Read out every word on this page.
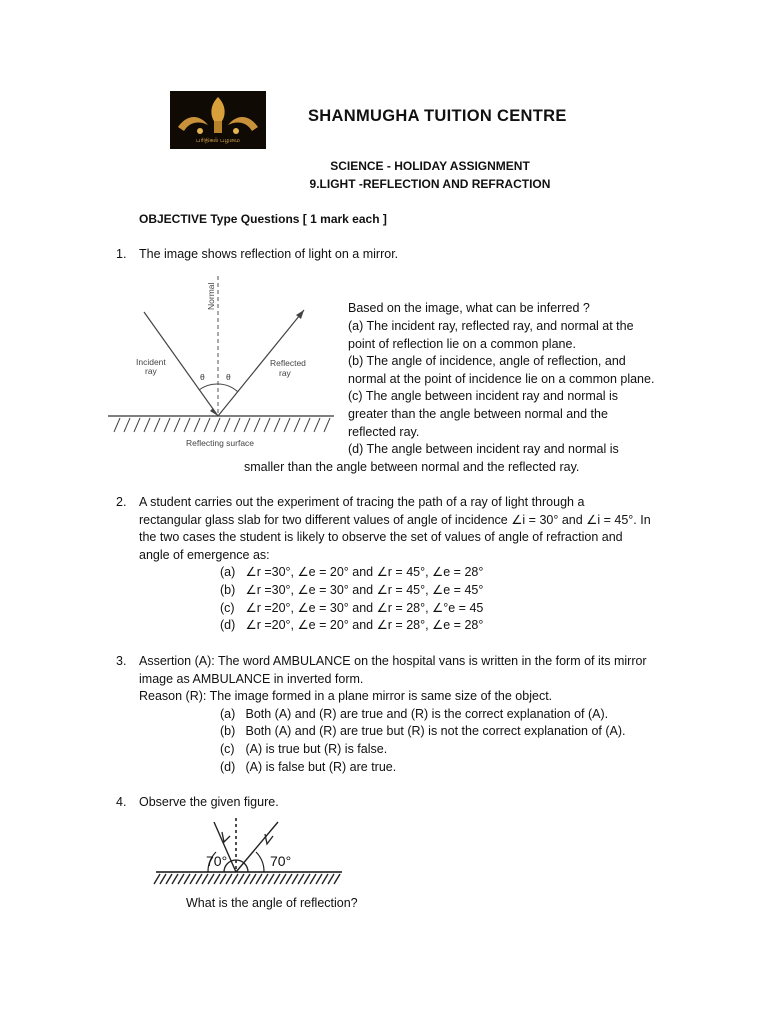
பரிதிகல் பழமை
SHANMUGHA TUITION CENTRE
SCIENCE - HOLIDAY ASSIGNMENT
9.LIGHT -REFLECTION AND REFRACTION
OBJECTIVE Type Questions [ 1 mark each ]
1.	The image shows reflection of light on a mirror.
Normal
θ	θ
Incident
ray
Reflected
ray
Reflecting surface
Based on the image, what can be inferred ?
(a) The incident ray, reflected ray, and normal at the
point of reflection lie on a common plane.
(b) The angle of incidence, angle of reflection, and
normal at the point of incidence lie on a common plane.
(c) The angle between incident ray and normal is
greater than the angle between normal and the
reflected ray.
(d) The angle between incident ray and normal is
smaller than the angle between normal and the reflected ray.
2.	A student carries out the experiment of tracing the path of a ray of light through a
rectangular glass slab for two different values of angle of incidence ∠i = 30° and ∠i = 45°. In
the two cases the student is likely to observe the set of values of angle of refraction and
angle of emergence as:
(a) ∠r =30°, ∠e = 20° and ∠r = 45°, ∠e = 28°
(b) ∠r =30°, ∠e = 30° and ∠r = 45°, ∠e = 45°
(c) ∠r =20°, ∠e = 30° and ∠r = 28°, ∠°e = 45
(d) ∠r =20°, ∠e = 20° and ∠r = 28°, ∠e = 28°
3.	Assertion (A): The word AMBULANCE on the hospital vans is written in the form of its mirror
image as AMBULANCE in inverted form.
Reason (R): The image formed in a plane mirror is same size of the object.
(a) Both (A) and (R) are true and (R) is the correct explanation of (A).
(b) Both (A) and (R) are true but (R) is not the correct explanation of (A).
(c) (A) is true but (R) is false.
(d) (A) is false but (R) are true.
4.	Observe the given figure.
70°	70°
What is the angle of reflection?
